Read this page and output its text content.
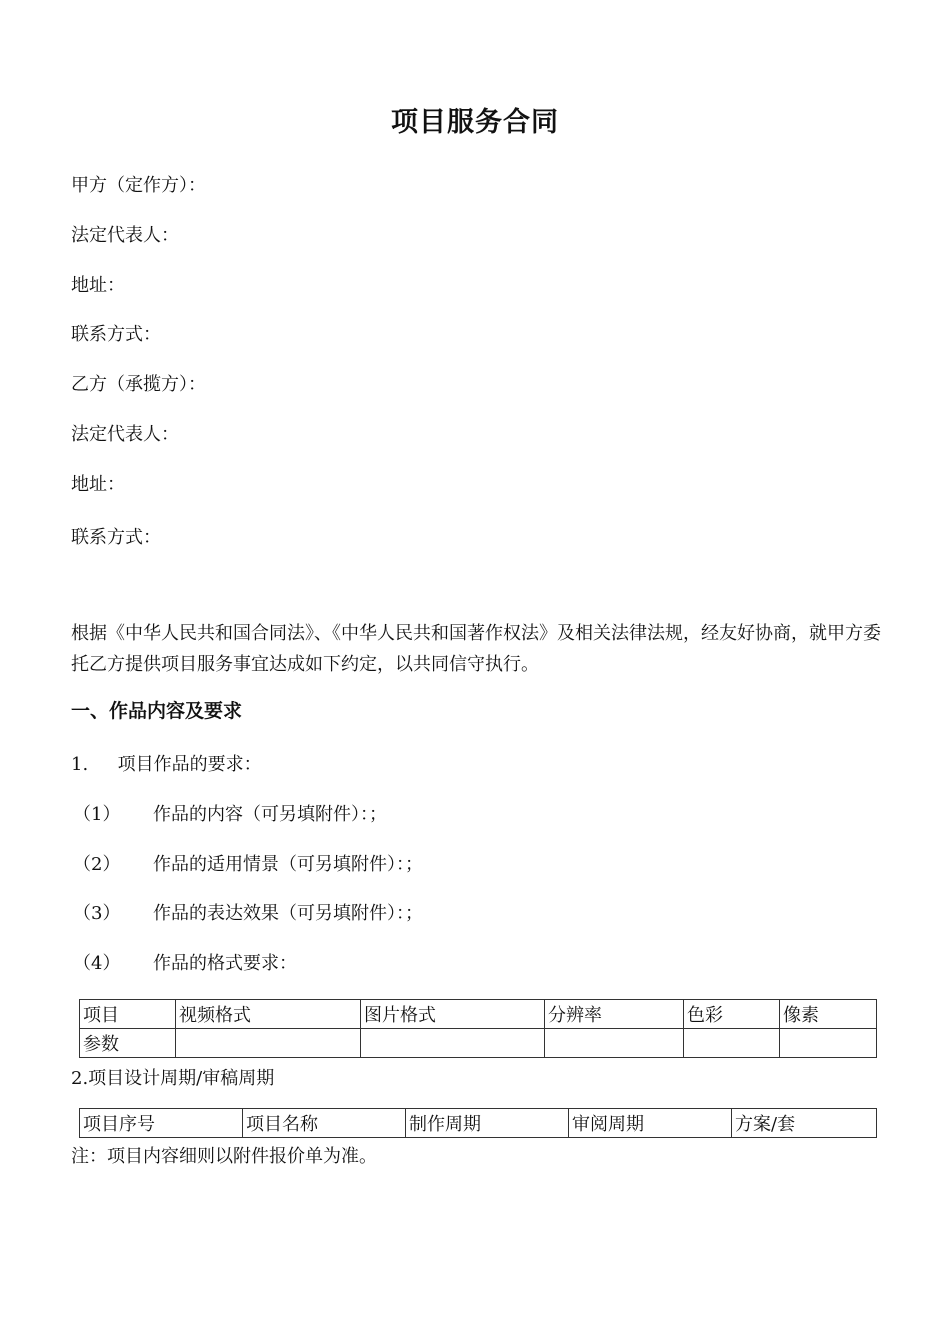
项目服务合同
甲方（定作方）：
法定代表人：
地址：
联系方式：
乙方（承揽方）：
法定代表人：
地址：
联系方式：
根据《中华人民共和国合同法》、《中华人民共和国著作权法》及相关法律法规，经友好协商，就甲方委托乙方提供项目服务事宜达成如下约定，以共同信守执行。
一、作品内容及要求
1. 项目作品的要求：
（1） 作品的内容（可另填附件）：；
（2） 作品的适用情景（可另填附件）：；
（3） 作品的表达效果（可另填附件）：；
（4） 作品的格式要求：
项目	视频格式	图片格式	分辨率	色彩	像素
参数					
2.项目设计周期/审稿周期
项目序号	项目名称	制作周期	审阅周期	方案/套
注：项目内容细则以附件报价单为准。
